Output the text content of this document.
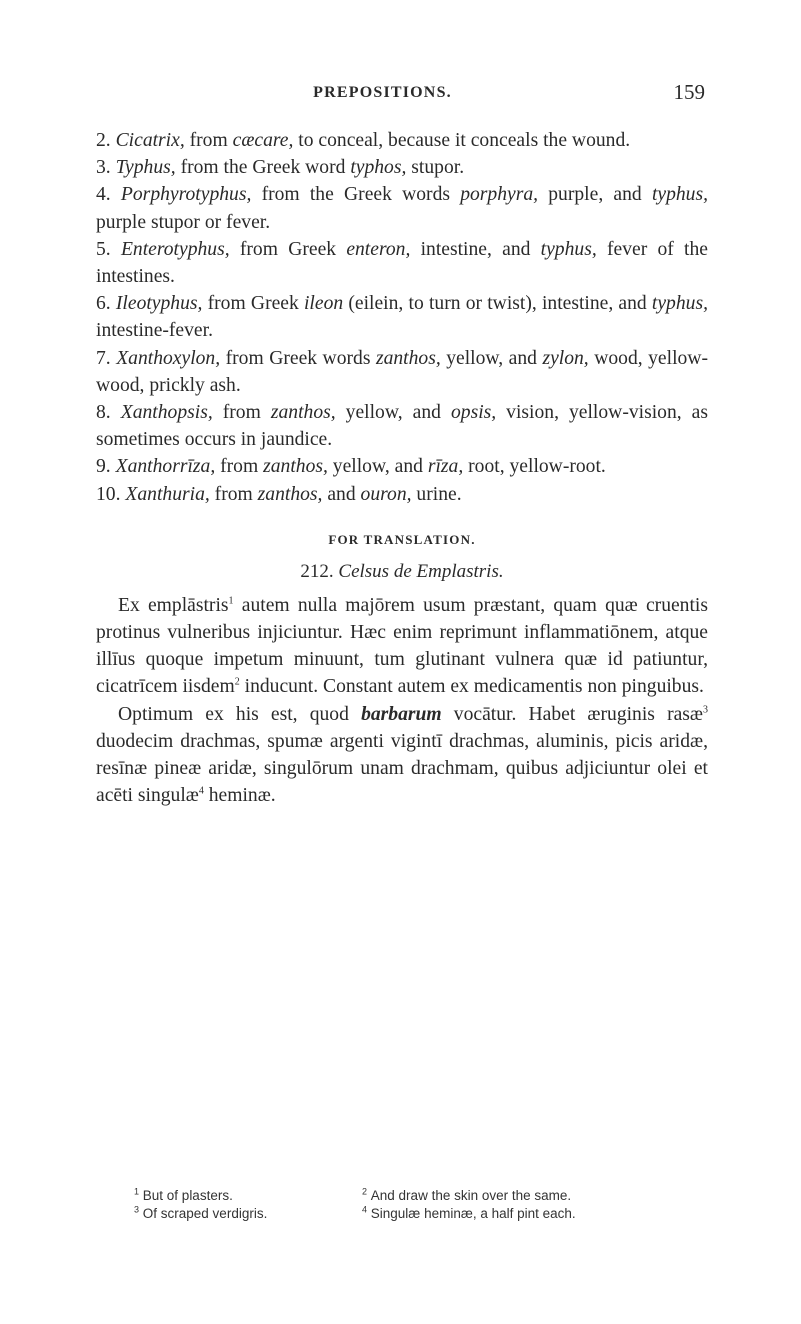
PREPOSITIONS.	159

2. Cicatrix, from cæcare, to conceal, because it conceals the wound.

3. Typhus, from the Greek word typhos, stupor.

4. Porphyrotyphus, from the Greek words porphyra, purple, and typhus, purple stupor or fever.

5. Enterotyphus, from Greek enteron, intestine, and typhus, fever of the intestines.

6. Ileotyphus, from Greek ileon (eilein, to turn or twist), intestine, and typhus, intestine-fever.

7. Xanthoxylon, from Greek words zanthos, yellow, and zylon, wood, yellow-wood, prickly ash.

8. Xanthopsis, from zanthos, yellow, and opsis, vision, yellow-vision, as sometimes occurs in jaundice.

9. Xanthorrīza, from zanthos, yellow, and rīza, root, yellow-root.

10. Xanthuria, from zanthos, and ouron, urine.

FOR TRANSLATION.
212. Celsus de Emplastris.

Ex emplāstris$^1$ autem nulla majōrem usum præstant, quam quæ cruentis protinus vulneribus injiciuntur. Hæc enim reprimunt inflammatiōnem, atque illīus quoque impetum minuunt, tum glutinant vulnera quæ id patiuntur, cicatrīcem iisdem$^2$ inducunt. Constant autem ex medicamentis non pinguibus.

Optimum ex his est, quod barbarum vocātur. Habet æruginis rasæ$^3$ duodecim drachmas, spumæ argenti vigintī drachmas, aluminis, picis aridæ, resīnæ pineæ aridæ, singulōrum unam drachmam, quibus adjiciuntur olei et acēti singulæ$^4$ heminæ.

$^1$ But of plasters.	$^2$ And draw the skin over the same.
$^3$ Of scraped verdigris.	$^4$ Singulæ heminæ, a half pint each.
